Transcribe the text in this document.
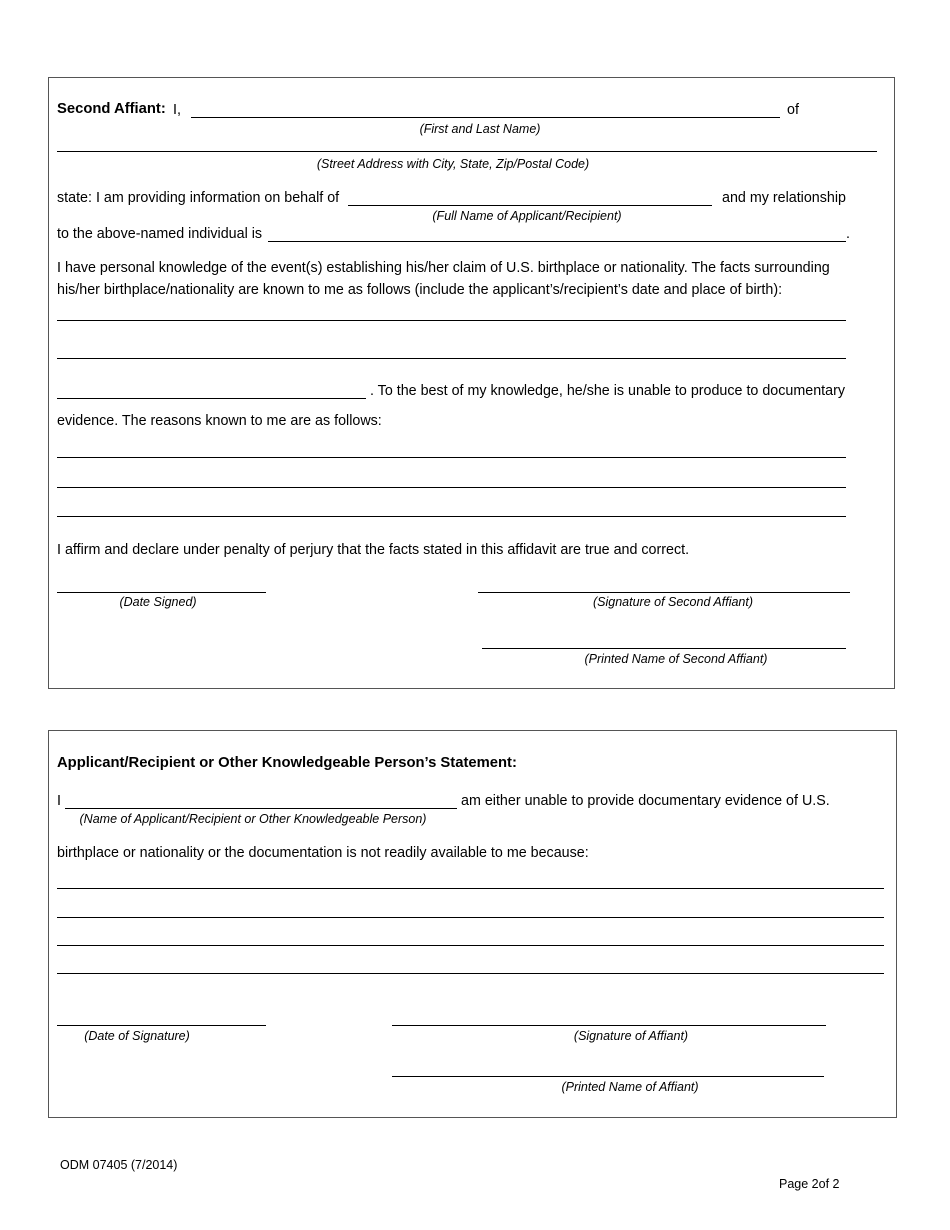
Second Affiant: I,	of
(First and Last Name)
(Street Address with City, State, Zip/Postal Code)
state: I am providing information on behalf of	and my relationship
(Full Name of Applicant/Recipient)
to the above-named individual is	.
I have personal knowledge of the event(s) establishing his/her claim of U.S. birthplace or nationality. The facts surrounding
his/her birthplace/nationality are known to me as follows (include the applicant’s/recipient’s date and place of birth):
. To the best of my knowledge, he/she is unable to produce to documentary
evidence. The reasons known to me are as follows:
I affirm and declare under penalty of perjury that the facts stated in this affidavit are true and correct.
(Date Signed)	(Signature of Second Affiant)
(Printed Name of Second Affiant)
Applicant/Recipient or Other Knowledgeable Person’s Statement:
I	am either unable to provide documentary evidence of U.S.
(Name of Applicant/Recipient or Other Knowledgeable Person)
birthplace or nationality or the documentation is not readily available to me because:
(Date of Signature)	(Signature of Affiant)
(Printed Name of Affiant)
ODM 07405 (7/2014)
Page 2of 2
